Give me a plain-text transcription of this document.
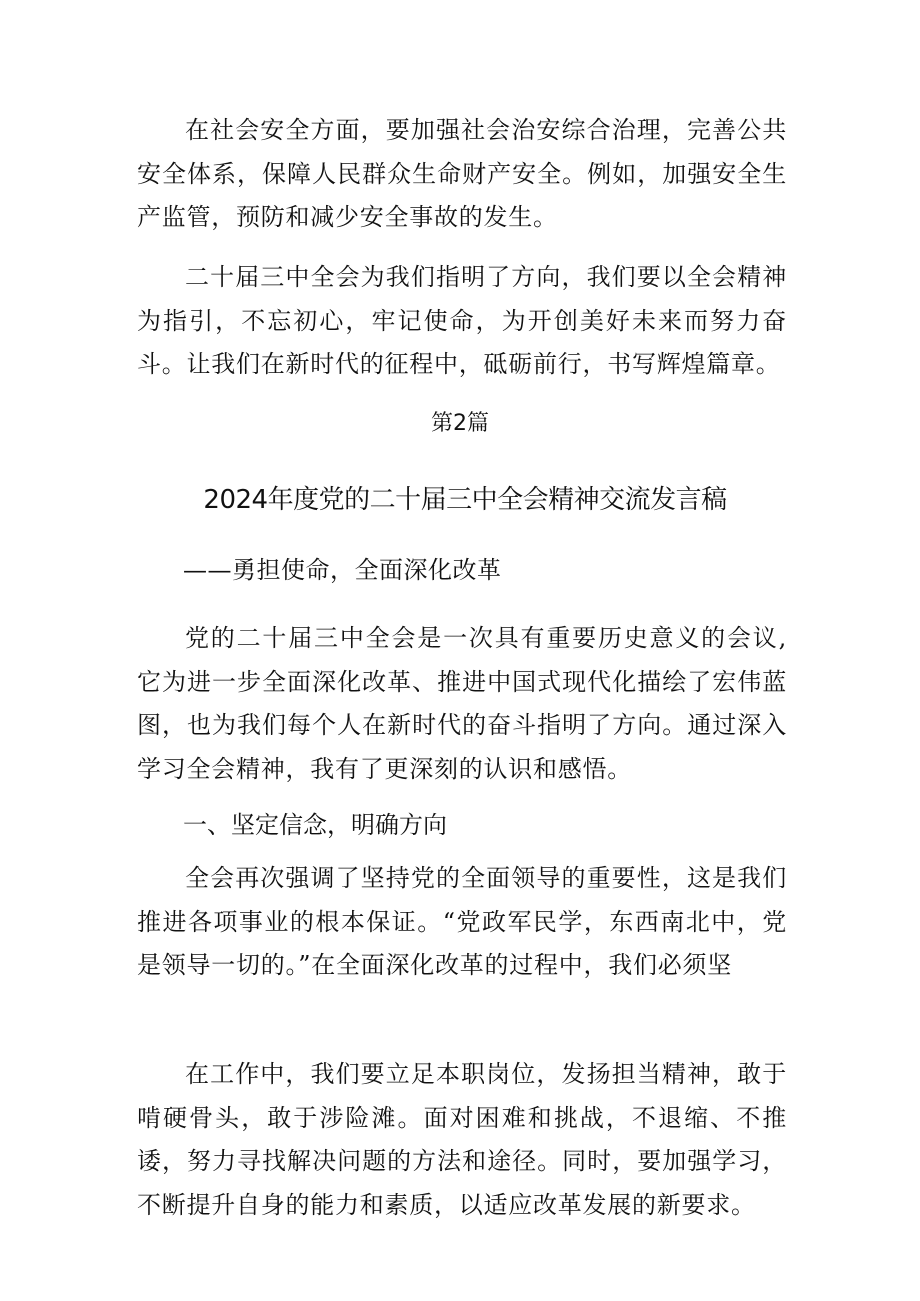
在社会安全方面，要加强社会治安综合治理，完善公共安全体系，保障人民群众生命财产安全。例如，加强安全生产监管，预防和减少安全事故的发生。

二十届三中全会为我们指明了方向，我们要以全会精神为指引，不忘初心，牢记使命，为开创美好未来而努力奋斗。让我们在新时代的征程中，砥砺前行，书写辉煌篇章。

第2篇
2024年度党的二十届三中全会精神交流发言稿
——勇担使命，全面深化改革

党的二十届三中全会是一次具有重要历史意义的会议,它为进一步全面深化改革、推进中国式现代化描绘了宏伟蓝图，也为我们每个人在新时代的奋斗指明了方向。通过深入学习全会精神，我有了更深刻的认识和感悟。

一、坚定信念，明确方向

全会再次强调了坚持党的全面领导的重要性，这是我们推进各项事业的根本保证。“党政军民学，东西南北中，党是领导一切的。”在全面深化改革的过程中，我们必须坚

在工作中，我们要立足本职岗位，发扬担当精神，敢于啃硬骨头，敢于涉险滩。面对困难和挑战，不退缩、不推诿，努力寻找解决问题的方法和途径。同时，要加强学习，不断提升自身的能力和素质，以适应改革发展的新要求。
